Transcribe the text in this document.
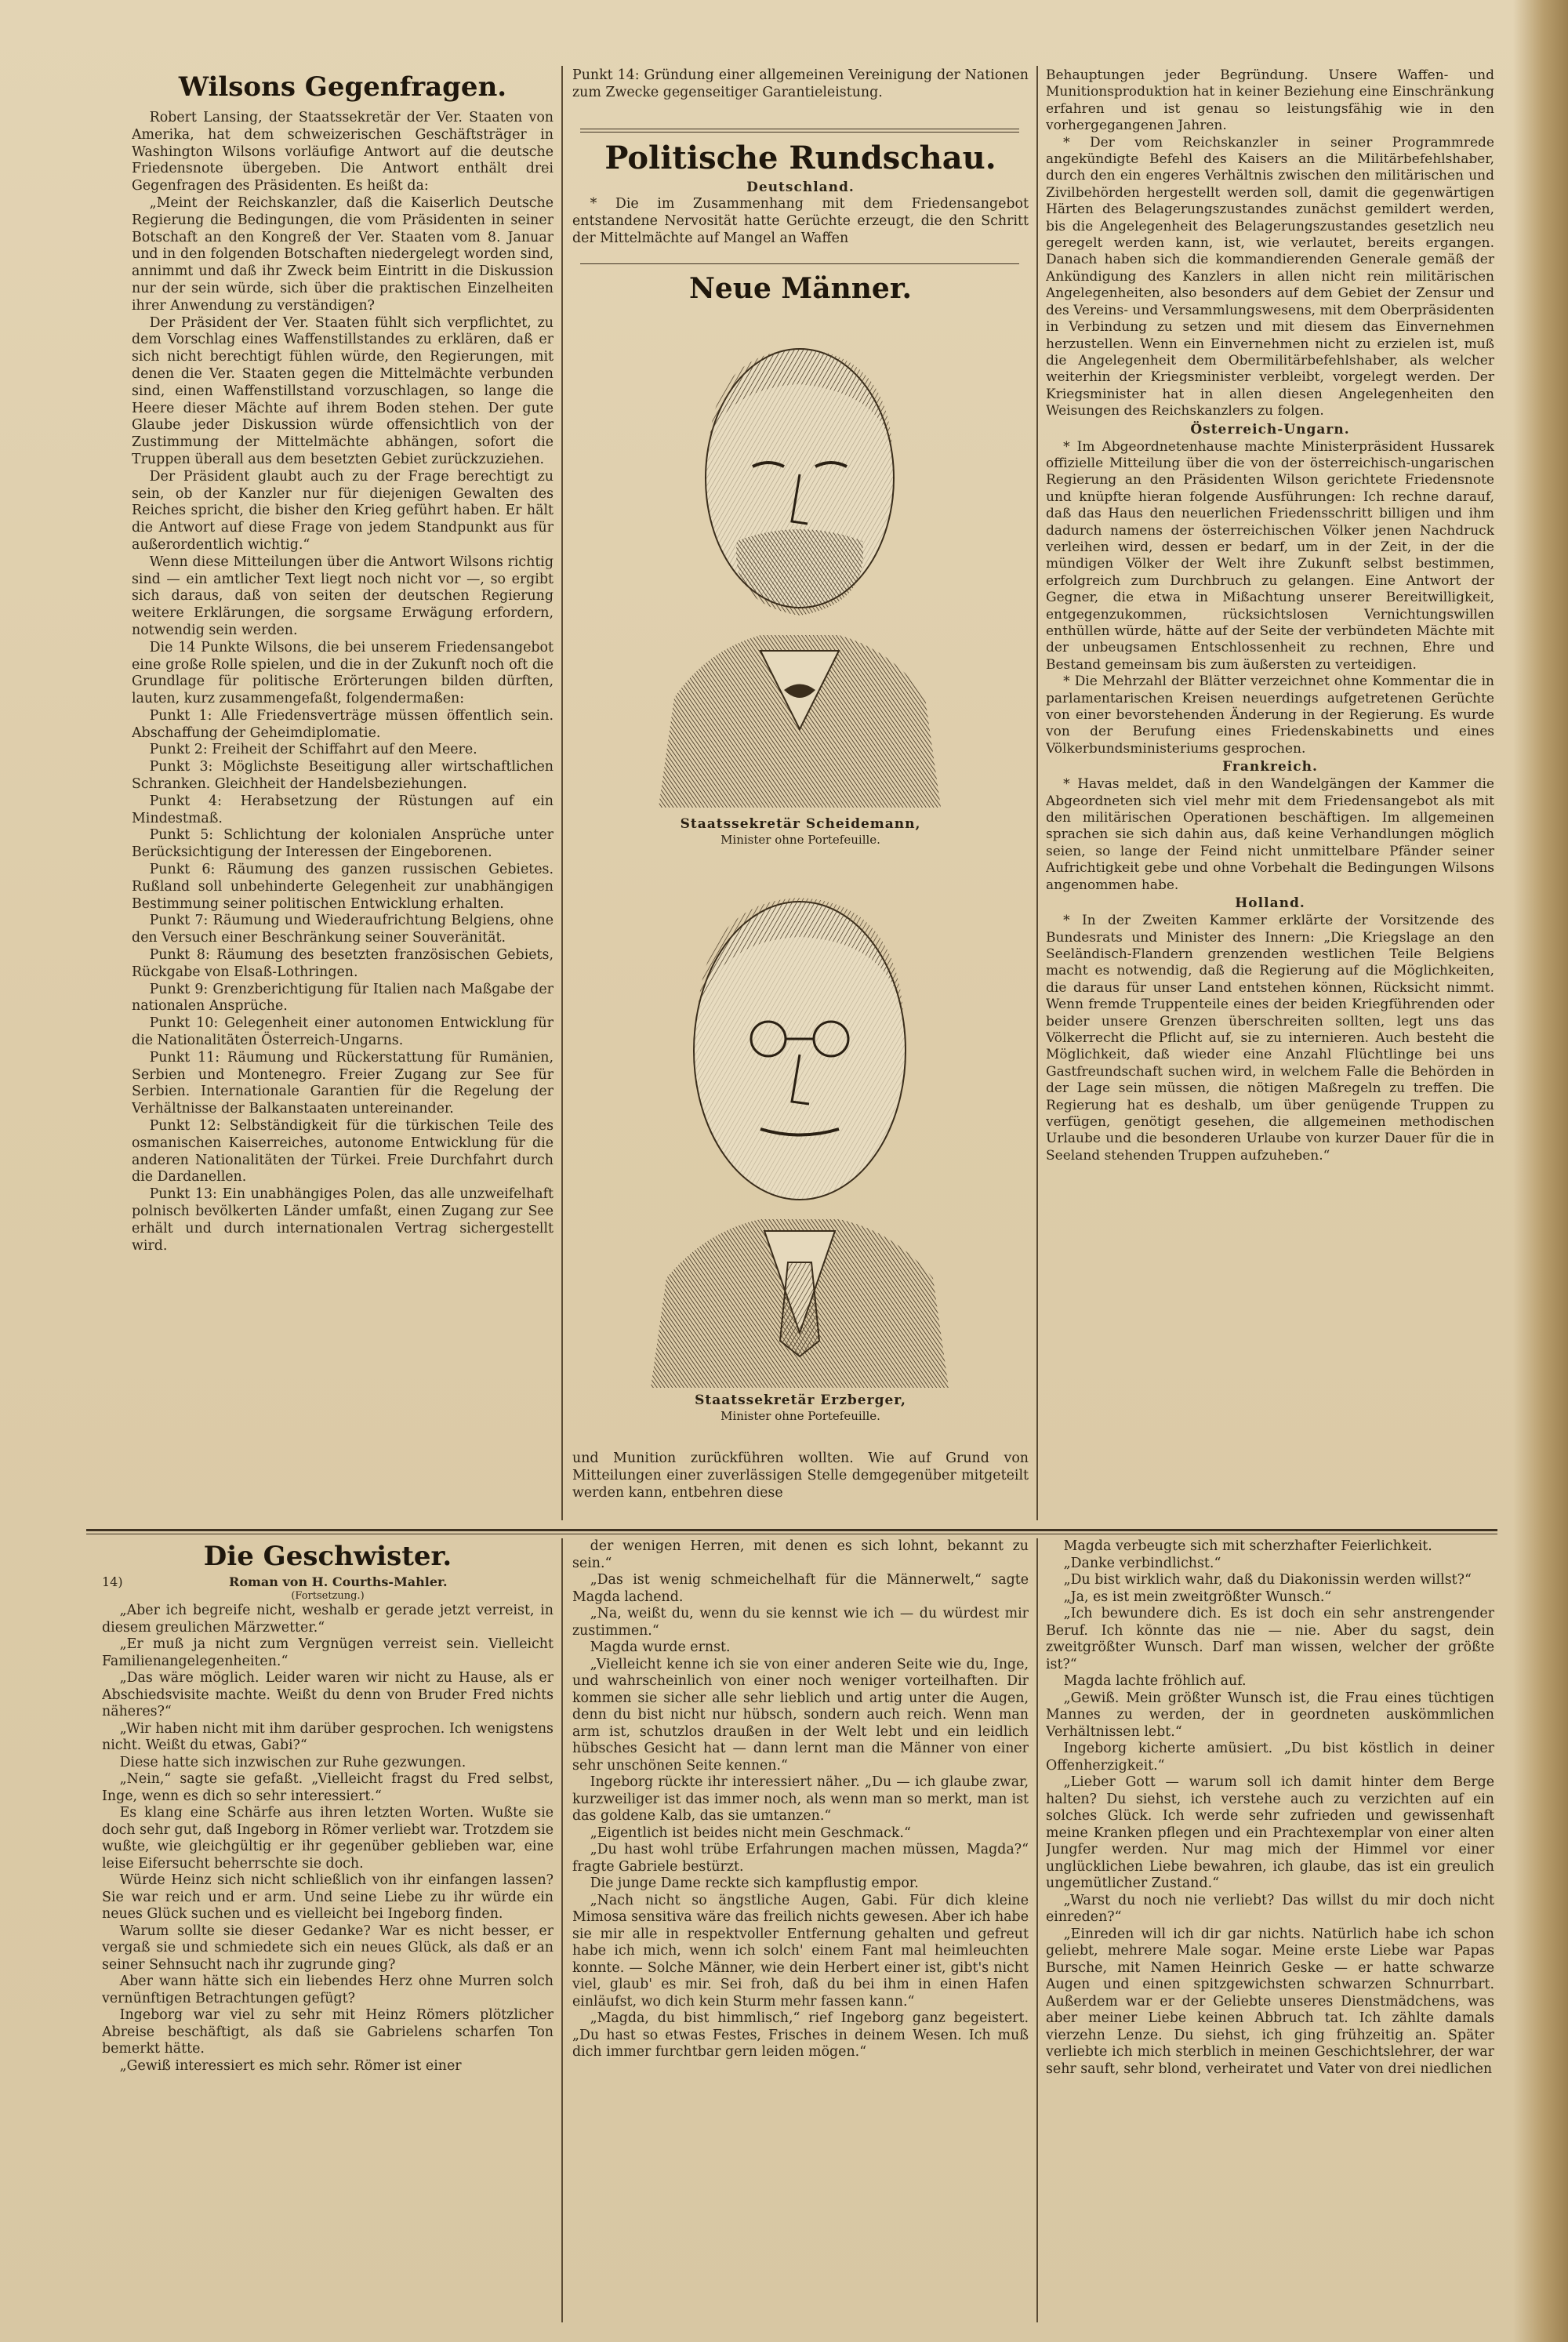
Wilsons Gegenfragen.

Robert Lansing, der Staatssekretär der Ver. Staaten von Amerika, hat dem schweizerischen Geschäftsträger in Washington Wilsons vorläufige Antwort auf die deutsche Friedensnote übergeben. Die Antwort enthält drei Gegenfragen des Präsidenten. Es heißt da:

„Meint der Reichskanzler, daß die Kaiserlich Deutsche Regierung die Bedingungen, die vom Präsidenten in seiner Botschaft an den Kongreß der Ver. Staaten vom 8. Januar und in den folgenden Botschaften niedergelegt worden sind, annimmt und daß ihr Zweck beim Eintritt in die Diskussion nur der sein würde, sich über die praktischen Einzelheiten ihrer Anwendung zu verständigen?

Der Präsident der Ver. Staaten fühlt sich verpflichtet, zu dem Vorschlag eines Waffenstillstandes zu erklären, daß er sich nicht berechtigt fühlen würde, den Regierungen, mit denen die Ver. Staaten gegen die Mittelmächte verbunden sind, einen Waffenstillstand vorzuschlagen, so lange die Heere dieser Mächte auf ihrem Boden stehen. Der gute Glaube jeder Diskussion würde offensichtlich von der Zustimmung der Mittelmächte abhängen, sofort die Truppen überall aus dem besetzten Gebiet zurückzuziehen.

Der Präsident glaubt auch zu der Frage berechtigt zu sein, ob der Kanzler nur für diejenigen Gewalten des Reiches spricht, die bisher den Krieg geführt haben. Er hält die Antwort auf diese Frage von jedem Standpunkt aus für außerordentlich wichtig.“

Wenn diese Mitteilungen über die Antwort Wilsons richtig sind — ein amtlicher Text liegt noch nicht vor —, so ergibt sich daraus, daß von seiten der deutschen Regierung weitere Erklärungen, die sorgsame Erwägung erfordern, notwendig sein werden.

Die 14 Punkte Wilsons, die bei unserem Friedensangebot eine große Rolle spielen, und die in der Zukunft noch oft die Grundlage für politische Erörterungen bilden dürften, lauten, kurz zusammengefaßt, folgendermaßen:

Punkt 1: Alle Friedensverträge müssen öffentlich sein. Abschaffung der Geheimdiplomatie.

Punkt 2: Freiheit der Schiffahrt auf den Meere.

Punkt 3: Möglichste Beseitigung aller wirtschaftlichen Schranken. Gleichheit der Handelsbeziehungen.

Punkt 4: Herabsetzung der Rüstungen auf ein Mindestmaß.

Punkt 5: Schlichtung der kolonialen Ansprüche unter Berücksichtigung der Interessen der Eingeborenen.

Punkt 6: Räumung des ganzen russischen Gebietes. Rußland soll unbehinderte Gelegenheit zur unabhängigen Bestimmung seiner politischen Entwicklung erhalten.

Punkt 7: Räumung und Wiederaufrichtung Belgiens, ohne den Versuch einer Beschränkung seiner Souveränität.

Punkt 8: Räumung des besetzten französischen Gebiets, Rückgabe von Elsaß-Lothringen.

Punkt 9: Grenzberichtigung für Italien nach Maßgabe der nationalen Ansprüche.

Punkt 10: Gelegenheit einer autonomen Entwicklung für die Nationalitäten Österreich-Ungarns.

Punkt 11: Räumung und Rückerstattung für Rumänien, Serbien und Montenegro. Freier Zugang zur See für Serbien. Internationale Garantien für die Regelung der Verhältnisse der Balkanstaaten untereinander.

Punkt 12: Selbständigkeit für die türkischen Teile des osmanischen Kaiserreiches, autonome Entwicklung für die anderen Nationalitäten der Türkei. Freie Durchfahrt durch die Dardanellen.

Punkt 13: Ein unabhängiges Polen, das alle unzweifelhaft polnisch bevölkerten Länder umfaßt, einen Zugang zur See erhält und durch internationalen Vertrag sichergestellt wird.

Punkt 14: Gründung einer allgemeinen Vereinigung der Nationen zum Zwecke gegenseitiger Garantieleistung.

Politische Rundschau.
Deutschland.

* Die im Zusammenhang mit dem Friedensangebot entstandene Nervosität hatte Gerüchte erzeugt, die den Schritt der Mittelmächte auf Mangel an Waffen

Neue Männer.
Staatssekretär Scheidemann,
Minister ohne Portefeuille.
Staatssekretär Erzberger,
Minister ohne Portefeuille.

und Munition zurückführen wollten. Wie auf Grund von Mitteilungen einer zuverlässigen Stelle demgegenüber mitgeteilt werden kann, entbehren diese

Behauptungen jeder Begründung. Unsere Waffen- und Munitionsproduktion hat in keiner Beziehung eine Einschränkung erfahren und ist genau so leistungsfähig wie in den vorhergegangenen Jahren.

* Der vom Reichskanzler in seiner Programmrede angekündigte Befehl des Kaisers an die Militärbefehlshaber, durch den ein engeres Verhältnis zwischen den militärischen und Zivilbehörden hergestellt werden soll, damit die gegenwärtigen Härten des Belagerungszustandes zunächst gemildert werden, bis die Angelegenheit des Belagerungszustandes gesetzlich neu geregelt werden kann, ist, wie verlautet, bereits ergangen. Danach haben sich die kommandierenden Generale gemäß der Ankündigung des Kanzlers in allen nicht rein militärischen Angelegenheiten, also besonders auf dem Gebiet der Zensur und des Vereins- und Versammlungswesens, mit dem Oberpräsidenten in Verbindung zu setzen und mit diesem das Einvernehmen herzustellen. Wenn ein Einvernehmen nicht zu erzielen ist, muß die Angelegenheit dem Obermilitärbefehlshaber, als welcher weiterhin der Kriegsminister verbleibt, vorgelegt werden. Der Kriegsminister hat in allen diesen Angelegenheiten den Weisungen des Reichskanzlers zu folgen.

Österreich-Ungarn.

* Im Abgeordnetenhause machte Ministerpräsident Hussarek offizielle Mitteilung über die von der österreichisch-ungarischen Regierung an den Präsidenten Wilson gerichtete Friedensnote und knüpfte hieran folgende Ausführungen: Ich rechne darauf, daß das Haus den neuerlichen Friedensschritt billigen und ihm dadurch namens der österreichischen Völker jenen Nachdruck verleihen wird, dessen er bedarf, um in der Zeit, in der die mündigen Völker der Welt ihre Zukunft selbst bestimmen, erfolgreich zum Durchbruch zu gelangen. Eine Antwort der Gegner, die etwa in Mißachtung unserer Bereitwilligkeit, entgegenzukommen, rücksichtslosen Vernichtungswillen enthüllen würde, hätte auf der Seite der verbündeten Mächte mit der unbeugsamen Entschlossenheit zu rechnen, Ehre und Bestand gemeinsam bis zum äußersten zu verteidigen.

* Die Mehrzahl der Blätter verzeichnet ohne Kommentar die in parlamentarischen Kreisen neuerdings aufgetretenen Gerüchte von einer bevorstehenden Änderung in der Regierung. Es wurde von der Berufung eines Friedenskabinetts und eines Völkerbundsministeriums gesprochen.

Frankreich.

* Havas meldet, daß in den Wandelgängen der Kammer die Abgeordneten sich viel mehr mit dem Friedensangebot als mit den militärischen Operationen beschäftigen. Im allgemeinen sprachen sie sich dahin aus, daß keine Verhandlungen möglich seien, so lange der Feind nicht unmittelbare Pfänder seiner Aufrichtigkeit gebe und ohne Vorbehalt die Bedingungen Wilsons angenommen habe.

Holland.

* In der Zweiten Kammer erklärte der Vorsitzende des Bundesrats und Minister des Innern: „Die Kriegslage an den Seeländisch-Flandern grenzenden westlichen Teile Belgiens macht es notwendig, daß die Regierung auf die Möglichkeiten, die daraus für unser Land entstehen können, Rücksicht nimmt. Wenn fremde Truppenteile eines der beiden Kriegführenden oder beider unsere Grenzen überschreiten sollten, legt uns das Völkerrecht die Pflicht auf, sie zu internieren. Auch besteht die Möglichkeit, daß wieder eine Anzahl Flüchtlinge bei uns Gastfreundschaft suchen wird, in welchem Falle die Behörden in der Lage sein müssen, die nötigen Maßregeln zu treffen. Die Regierung hat es deshalb, um über genügende Truppen zu verfügen, genötigt gesehen, die allgemeinen methodischen Urlaube und die besonderen Urlaube von kurzer Dauer für die in Seeland stehenden Truppen aufzuheben.“

Die Geschwister.
14)	Roman von H. Courths-Mahler.
(Fortsetzung.)

„Aber ich begreife nicht, weshalb er gerade jetzt verreist, in diesem greulichen Märzwetter.“

„Er muß ja nicht zum Vergnügen verreist sein. Vielleicht Familienangelegenheiten.“

„Das wäre möglich. Leider waren wir nicht zu Hause, als er Abschiedsvisite machte. Weißt du denn von Bruder Fred nichts näheres?“

„Wir haben nicht mit ihm darüber gesprochen. Ich wenigstens nicht. Weißt du etwas, Gabi?“

Diese hatte sich inzwischen zur Ruhe gezwungen.

„Nein,“ sagte sie gefaßt. „Vielleicht fragst du Fred selbst, Inge, wenn es dich so sehr interessiert.“

Es klang eine Schärfe aus ihren letzten Worten. Wußte sie doch sehr gut, daß Ingeborg in Römer verliebt war. Trotzdem sie wußte, wie gleichgültig er ihr gegenüber geblieben war, eine leise Eifersucht beherrschte sie doch.

Würde Heinz sich nicht schließlich von ihr einfangen lassen? Sie war reich und er arm. Und seine Liebe zu ihr würde ein neues Glück suchen und es vielleicht bei Ingeborg finden.

Warum sollte sie dieser Gedanke? War es nicht besser, er vergaß sie und schmiedete sich ein neues Glück, als daß er an seiner Sehnsucht nach ihr zugrunde ging?

Aber wann hätte sich ein liebendes Herz ohne Murren solch vernünftigen Betrachtungen gefügt?

Ingeborg war viel zu sehr mit Heinz Römers plötzlicher Abreise beschäftigt, als daß sie Gabrielens scharfen Ton bemerkt hätte.

„Gewiß interessiert es mich sehr. Römer ist einer

der wenigen Herren, mit denen es sich lohnt, bekannt zu sein.“

„Das ist wenig schmeichelhaft für die Männerwelt,“ sagte Magda lachend.

„Na, weißt du, wenn du sie kennst wie ich — du würdest mir zustimmen.“

Magda wurde ernst.

„Vielleicht kenne ich sie von einer anderen Seite wie du, Inge, und wahrscheinlich von einer noch weniger vorteilhaften. Dir kommen sie sicher alle sehr lieblich und artig unter die Augen, denn du bist nicht nur hübsch, sondern auch reich. Wenn man arm ist, schutzlos draußen in der Welt lebt und ein leidlich hübsches Gesicht hat — dann lernt man die Männer von einer sehr unschönen Seite kennen.“

Ingeborg rückte ihr interessiert näher. „Du — ich glaube zwar, kurzweiliger ist das immer noch, als wenn man so merkt, man ist das goldene Kalb, das sie umtanzen.“

„Eigentlich ist beides nicht mein Geschmack.“

„Du hast wohl trübe Erfahrungen machen müssen, Magda?“ fragte Gabriele bestürzt.

Die junge Dame reckte sich kampflustig empor.

„Nach nicht so ängstliche Augen, Gabi. Für dich kleine Mimosa sensitiva wäre das freilich nichts gewesen. Aber ich habe sie mir alle in respektvoller Entfernung gehalten und gefreut habe ich mich, wenn ich solch' einem Fant mal heimleuchten konnte. — Solche Männer, wie dein Herbert einer ist, gibt's nicht viel, glaub' es mir. Sei froh, daß du bei ihm in einen Hafen einläufst, wo dich kein Sturm mehr fassen kann.“

„Magda, du bist himmlisch,“ rief Ingeborg ganz begeistert. „Du hast so etwas Festes, Frisches in deinem Wesen. Ich muß dich immer furchtbar gern leiden mögen.“

Magda verbeugte sich mit scherzhafter Feierlichkeit.

„Danke verbindlichst.“

„Du bist wirklich wahr, daß du Diakonissin werden willst?“

„Ja, es ist mein zweitgrößter Wunsch.“

„Ich bewundere dich. Es ist doch ein sehr anstrengender Beruf. Ich könnte das nie — nie. Aber du sagst, dein zweitgrößter Wunsch. Darf man wissen, welcher der größte ist?“

Magda lachte fröhlich auf.

„Gewiß. Mein größter Wunsch ist, die Frau eines tüchtigen Mannes zu werden, der in geordneten auskömmlichen Verhältnissen lebt.“

Ingeborg kicherte amüsiert. „Du bist köstlich in deiner Offenherzigkeit.“

„Lieber Gott — warum soll ich damit hinter dem Berge halten? Du siehst, ich verstehe auch zu verzichten auf ein solches Glück. Ich werde sehr zufrieden und gewissenhaft meine Kranken pflegen und ein Prachtexemplar von einer alten Jungfer werden. Nur mag mich der Himmel vor einer unglücklichen Liebe bewahren, ich glaube, das ist ein greulich ungemütlicher Zustand.“

„Warst du noch nie verliebt? Das willst du mir doch nicht einreden?“

„Einreden will ich dir gar nichts. Natürlich habe ich schon geliebt, mehrere Male sogar. Meine erste Liebe war Papas Bursche, mit Namen Heinrich Geske — er hatte schwarze Augen und einen spitzgewichsten schwarzen Schnurrbart. Außerdem war er der Geliebte unseres Dienstmädchens, was aber meiner Liebe keinen Abbruch tat. Ich zählte damals vierzehn Lenze. Du siehst, ich ging frühzeitig an. Später verliebte ich mich sterblich in meinen Geschichtslehrer, der war sehr sauft, sehr blond, verheiratet und Vater von drei niedlichen
